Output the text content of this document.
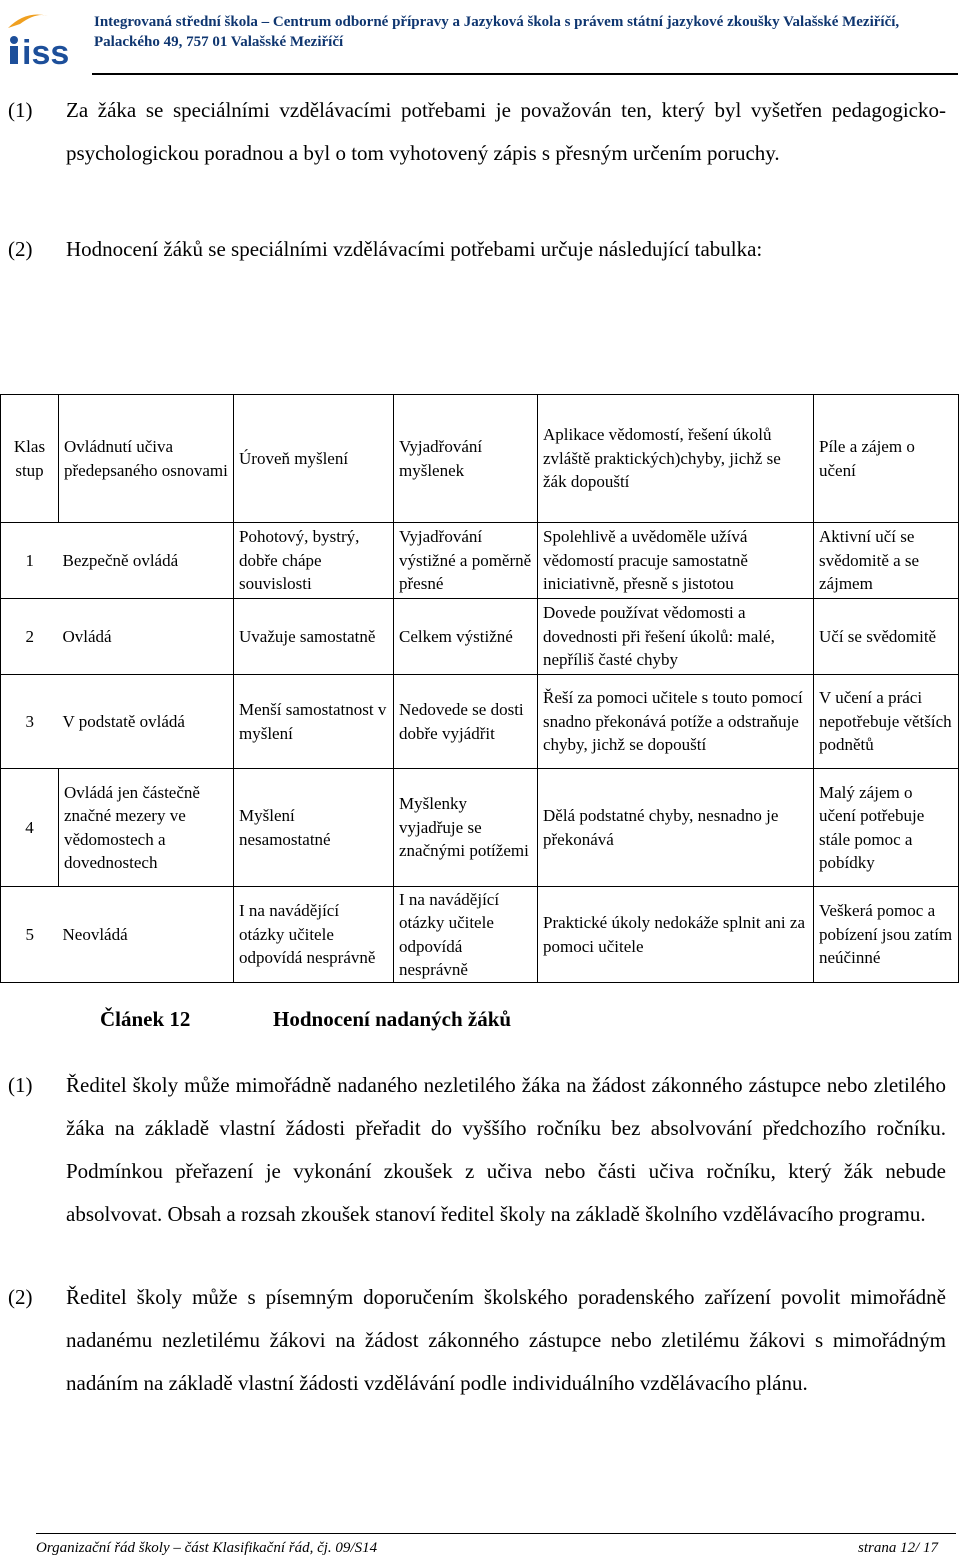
iss
Integrovaná střední škola – Centrum odborné přípravy a Jazyková škola s právem státní jazykové zkoušky Valašské Meziříčí,
Palackého 49, 757 01 Valašské Meziříčí
(1) Za žáka se speciálními vzdělávacími potřebami je považován ten, který byl vyšetřen pedagogicko-psychologickou poradnou a byl o tom vyhotovený zápis s přesným určením poruchy.
(2) Hodnocení žáků se speciálními vzdělávacími potřebami určuje následující tabulka:
Klas stup	Ovládnutí učiva předepsaného osnovami	Úroveň myšlení	Vyjadřování myšlenek	Aplikace vědomostí, řešení úkolů zvláště praktických)chyby, jichž se žák dopouští	Píle a zájem o učení
1	Bezpečně ovládá	Pohotový, bystrý, dobře chápe souvislosti	Vyjadřování výstižné a poměrně přesné	Spolehlivě a uvědoměle užívá vědomostí pracuje samostatně iniciativně, přesně s jistotou	Aktivní učí se svědomitě a se zájmem
2	Ovládá	Uvažuje samostatně	Celkem výstižné	Dovede používat vědomosti a dovednosti při řešení úkolů: malé, nepříliš časté chyby	Učí se svědomitě
3	V podstatě ovládá	Menší samostatnost v myšlení	Nedovede se dosti dobře vyjádřit	Řeší za pomoci učitele s touto pomocí snadno překonává potíže a odstraňuje chyby, jichž se dopouští	V učení a práci nepotřebuje větších podnětů
4	Ovládá jen částečně značné mezery ve vědomostech a dovednostech	Myšlení nesamostatné	Myšlenky vyjadřuje se značnými potížemi	Dělá podstatné chyby, nesnadno je překonává	Malý zájem o učení potřebuje stále pomoc a pobídky
5	Neovládá	I na navádějící otázky učitele odpovídá nesprávně	I na navádějící otázky učitele odpovídá nesprávně	Praktické úkoly nedokáže splnit ani za pomoci učitele	Veškerá pomoc a pobízení jsou zatím neúčinné
Článek 12	Hodnocení nadaných žáků
(1) Ředitel školy může mimořádně nadaného nezletilého žáka na žádost zákonného zástupce nebo zletilého žáka na základě vlastní žádosti přeřadit do vyššího ročníku bez absolvování předchozího ročníku. Podmínkou přeřazení je vykonání zkoušek z učiva nebo části učiva ročníku, který žák nebude absolvovat. Obsah a rozsah zkoušek stanoví ředitel školy na základě školního vzdělávacího programu.
(2) Ředitel školy může s písemným doporučením školského poradenského zařízení povolit mimořádně nadanému nezletilému žákovi na žádost zákonného zástupce nebo zletilému žákovi s mimořádným nadáním na základě vlastní žádosti vzdělávání podle individuálního vzdělávacího plánu.
Organizační řád školy – část Klasifikační řád, čj. 09/S14	strana 12/ 17
